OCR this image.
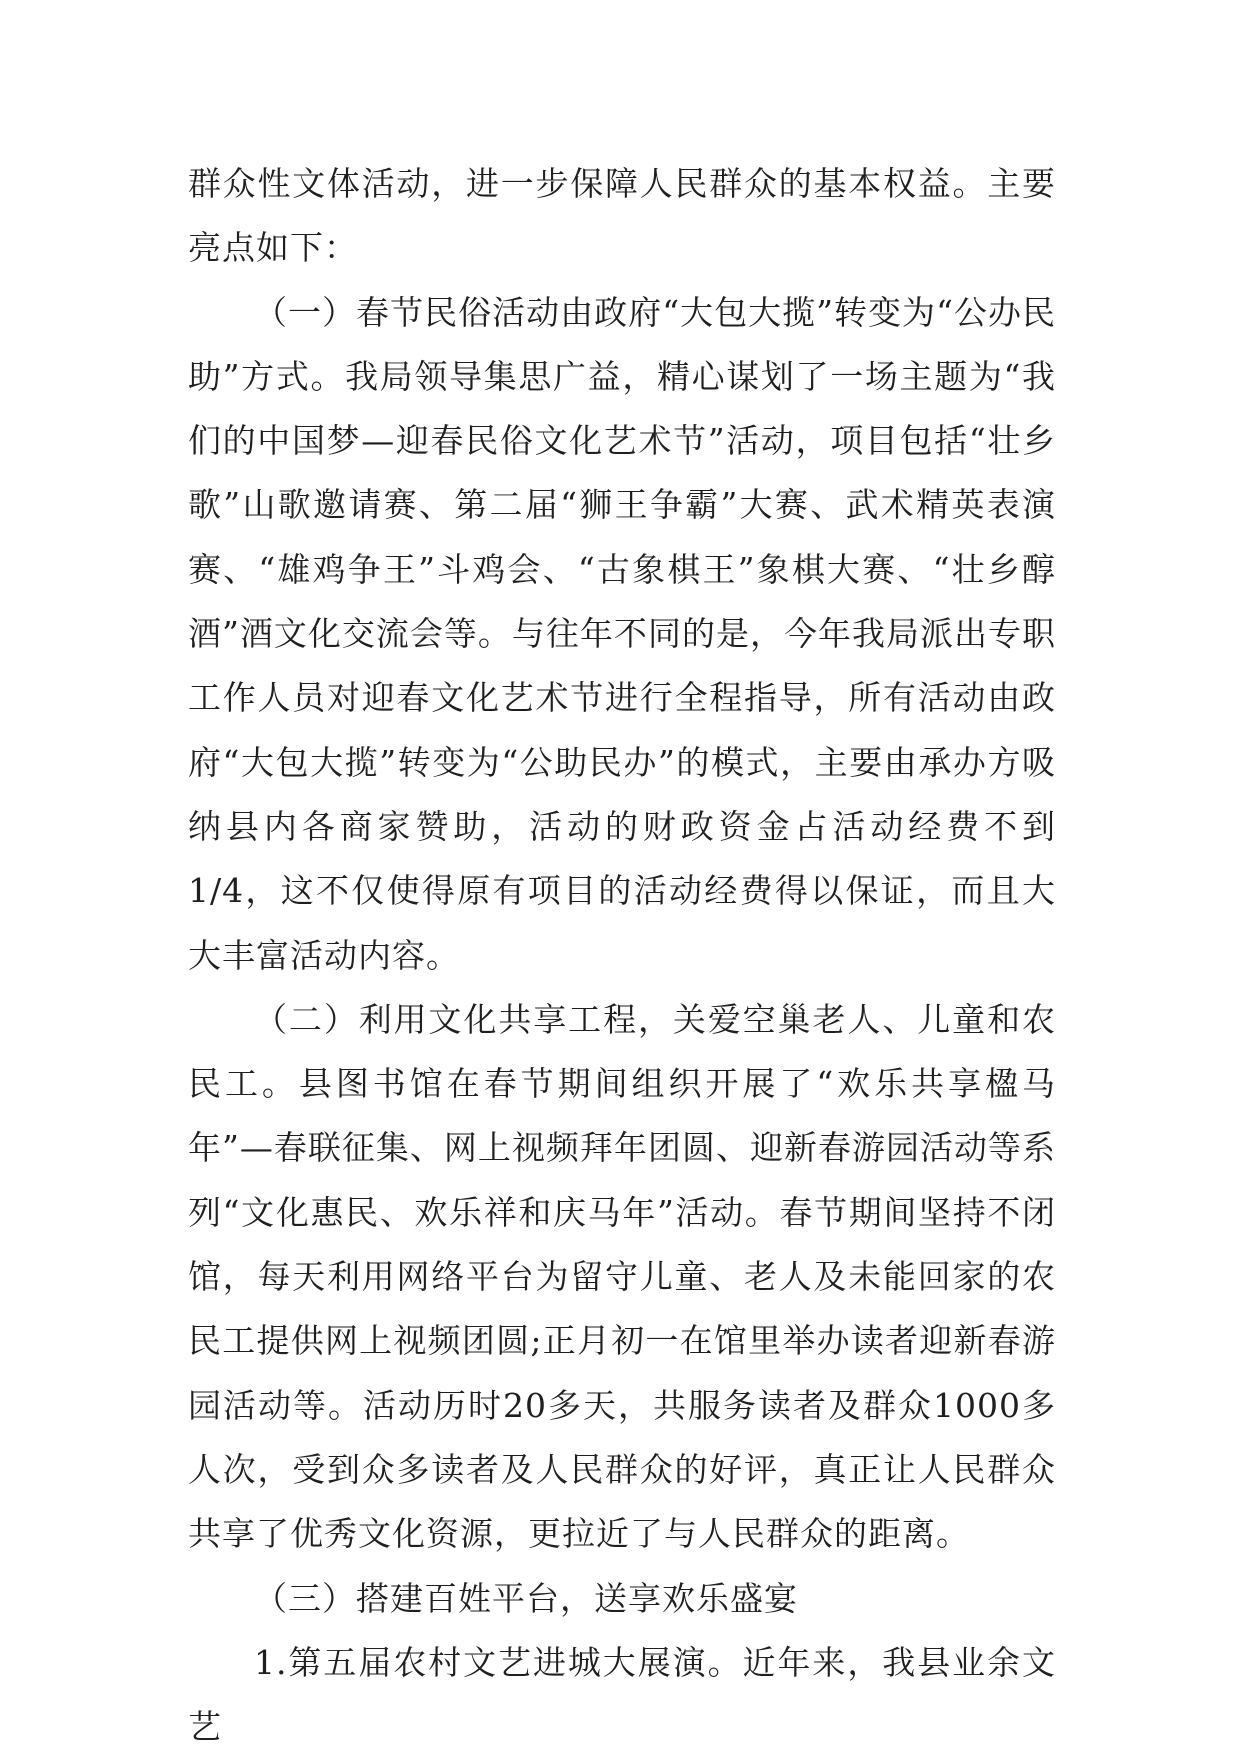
群众性文体活动，进一步保障人民群众的基本权益。主要亮点如下：

（一）春节民俗活动由政府“大包大揽”转变为“公办民助”方式。我局领导集思广益，精心谋划了一场主题为“我们的中国梦—迎春民俗文化艺术节”活动，项目包括“壮乡歌”山歌邀请赛、第二届“狮王争霸”大赛、武术精英表演赛、“雄鸡争王”斗鸡会、“古象棋王”象棋大赛、“壮乡醇酒”酒文化交流会等。与往年不同的是，今年我局派出专职工作人员对迎春文化艺术节进行全程指导，所有活动由政府“大包大揽”转变为“公助民办”的模式，主要由承办方吸纳县内各商家赞助，活动的财政资金占活动经费不到1/4，这不仅使得原有项目的活动经费得以保证，而且大大丰富活动内容。

（二）利用文化共享工程，关爱空巢老人、儿童和农民工。县图书馆在春节期间组织开展了“欢乐共享楹马年”—春联征集、网上视频拜年团圆、迎新春游园活动等系列“文化惠民、欢乐祥和庆马年”活动。春节期间坚持不闭馆，每天利用网络平台为留守儿童、老人及未能回家的农民工提供网上视频团圆;正月初一在馆里举办读者迎新春游园活动等。活动历时20多天，共服务读者及群众1000多人次，受到众多读者及人民群众的好评，真正让人民群众共享了优秀文化资源，更拉近了与人民群众的距离。

（三）搭建百姓平台，送享欢乐盛宴

1.第五届农村文艺进城大展演。近年来，我县业余文艺
